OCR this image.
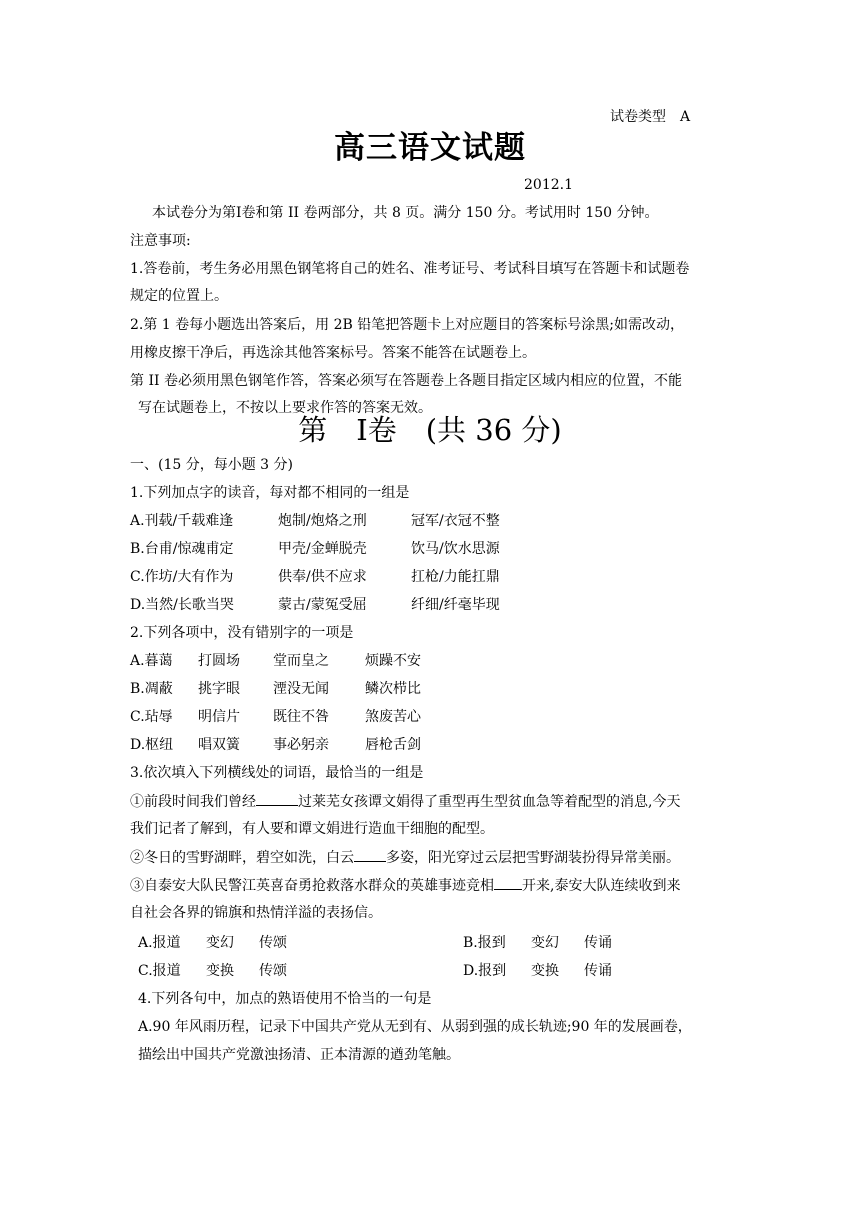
试卷类型　A
高三语文试题
2012.1
本试卷分为第Ⅰ卷和第 II 卷两部分，共 8 页。满分 150 分。考试用时 150 分钟。
注意事项:
1.答卷前，考生务必用黑色钢笔将自己的姓名、准考证号、考试科目填写在答题卡和试题卷
规定的位置上。
2.第 1 卷每小题选出答案后，用 2B 铅笔把答题卡上对应题目的答案标号涂黑;如需改动，
用橡皮擦干净后，再选涂其他答案标号。答案不能答在试题卷上。
第 II 卷必须用黑色钢笔作答，答案必须写在答题卷上各题目指定区域内相应的位置，不能
写在试题卷上，不按以上要求作答的答案无效。
第　Ⅰ卷　(共 36 分)
一、(15 分，每小题 3 分)
1.下列加点字的读音，每对都不相同的一组是
A.刊载/千载难逢	炮制/炮烙之刑	冠军/衣冠不整
B.台甫/惊魂甫定	甲壳/金蝉脱壳	饮马/饮水思源
C.作坊/大有作为	供奉/供不应求	扛枪/力能扛鼎
D.当然/长歌当哭	蒙古/蒙冤受屈	纤细/纤毫毕现
2.下列各项中，没有错别字的一项是
A.暮蔼 打圆场 堂而皇之	烦躁不安
B.凋蔽 挑字眼 湮没无闻	鳞次栉比
C.玷辱 明信片 既往不咎	煞废苦心
D.枢纽 唱双簧 事必躬亲	唇枪舌剑
3.依次填入下列横线处的词语，最恰当的一组是
①前段时间我们曾经	过莱芜女孩谭文娟得了重型再生型贫血急等着配型的消息,今天
我们记者了解到，有人要和谭文娟进行造血干细胞的配型。
②冬日的雪野湖畔，碧空如洗，白云 多姿，阳光穿过云层把雪野湖装扮得异常美丽。
③自泰安大队民警江英喜奋勇抢救落水群众的英雄事迹竞相 开来,泰安大队连续收到来
自社会各界的锦旗和热情洋溢的表扬信。
A.报道 变幻 传颂	B.报到 变幻 传诵
C.报道 变换 传颂	D.报到 变换 传诵
4.下列各句中，加点的熟语使用不恰当的一句是
A.90 年风雨历程，记录下中国共产党从无到有、从弱到强的成长轨迹;90 年的发展画卷，
描绘出中国共产党激浊扬清、正本清源的遒劲笔触。
